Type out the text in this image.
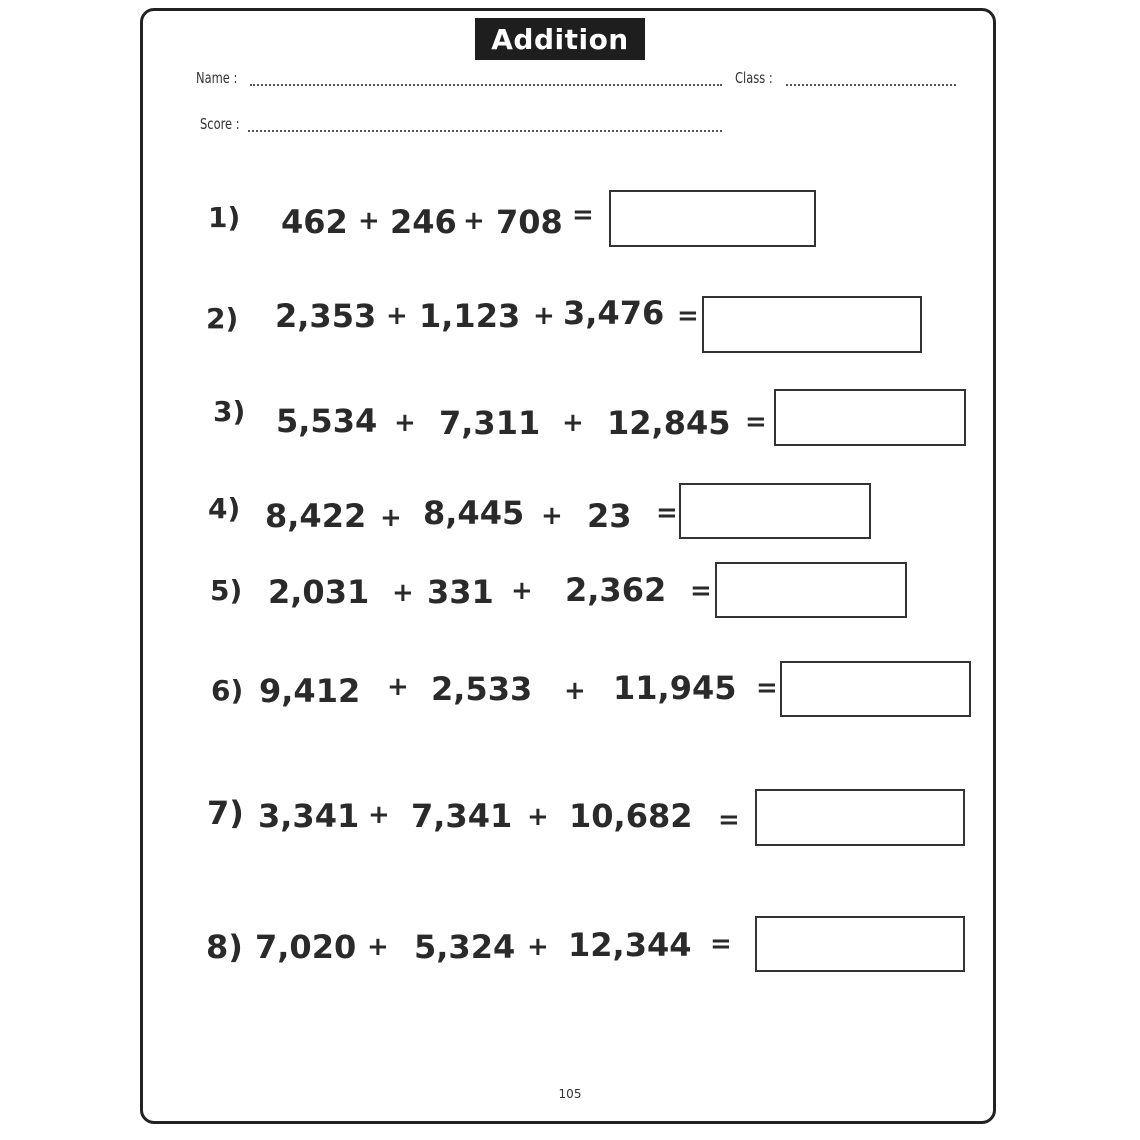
Addition
Name :	Class :
Score :
1) 462 + 246 + 708 =
2) 2,353 + 1,123 + 3,476 =
3) 5,534 + 7,311 + 12,845 =
4) 8,422 + 8,445 + 23 =
5) 2,031 + 331 + 2,362 =
6) 9,412 + 2,533 + 11,945 =
7) 3,341 + 7,341 + 10,682 =
8) 7,020 + 5,324 + 12,344 =
105
